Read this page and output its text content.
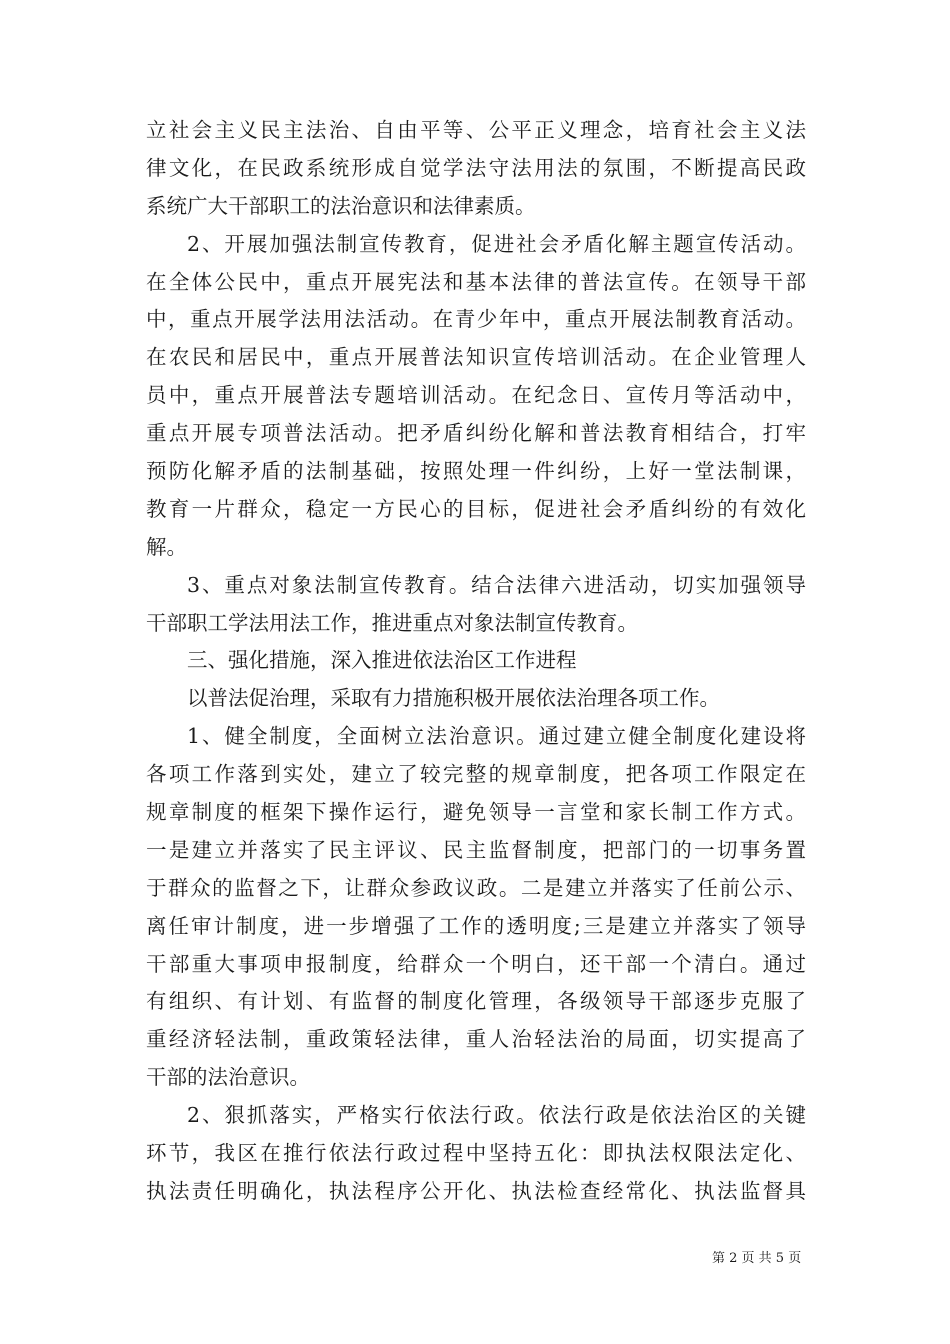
立社会主义民主法治、自由平等、公平正义理念，培育社会主义法
律文化，在民政系统形成自觉学法守法用法的氛围，不断提高民政
系统广大干部职工的法治意识和法律素质。
2、开展加强法制宣传教育，促进社会矛盾化解主题宣传活动。
在全体公民中，重点开展宪法和基本法律的普法宣传。在领导干部
中，重点开展学法用法活动。在青少年中，重点开展法制教育活动。
在农民和居民中，重点开展普法知识宣传培训活动。在企业管理人
员中，重点开展普法专题培训活动。在纪念日、宣传月等活动中，
重点开展专项普法活动。把矛盾纠纷化解和普法教育相结合，打牢
预防化解矛盾的法制基础，按照处理一件纠纷，上好一堂法制课，
教育一片群众，稳定一方民心的目标，促进社会矛盾纠纷的有效化
解。
3、重点对象法制宣传教育。结合法律六进活动，切实加强领导
干部职工学法用法工作，推进重点对象法制宣传教育。
三、强化措施，深入推进依法治区工作进程
以普法促治理，采取有力措施积极开展依法治理各项工作。
1、健全制度，全面树立法治意识。通过建立健全制度化建设将
各项工作落到实处，建立了较完整的规章制度，把各项工作限定在
规章制度的框架下操作运行，避免领导一言堂和家长制工作方式。
一是建立并落实了民主评议、民主监督制度，把部门的一切事务置
于群众的监督之下，让群众参政议政。二是建立并落实了任前公示、
离任审计制度，进一步增强了工作的透明度;三是建立并落实了领导
干部重大事项申报制度，给群众一个明白，还干部一个清白。通过
有组织、有计划、有监督的制度化管理，各级领导干部逐步克服了
重经济轻法制，重政策轻法律，重人治轻法治的局面，切实提高了
干部的法治意识。
2、狠抓落实，严格实行依法行政。依法行政是依法治区的关键
环节，我区在推行依法行政过程中坚持五化：即执法权限法定化、
执法责任明确化，执法程序公开化、执法检查经常化、执法监督具
第 2 页 共 5 页
